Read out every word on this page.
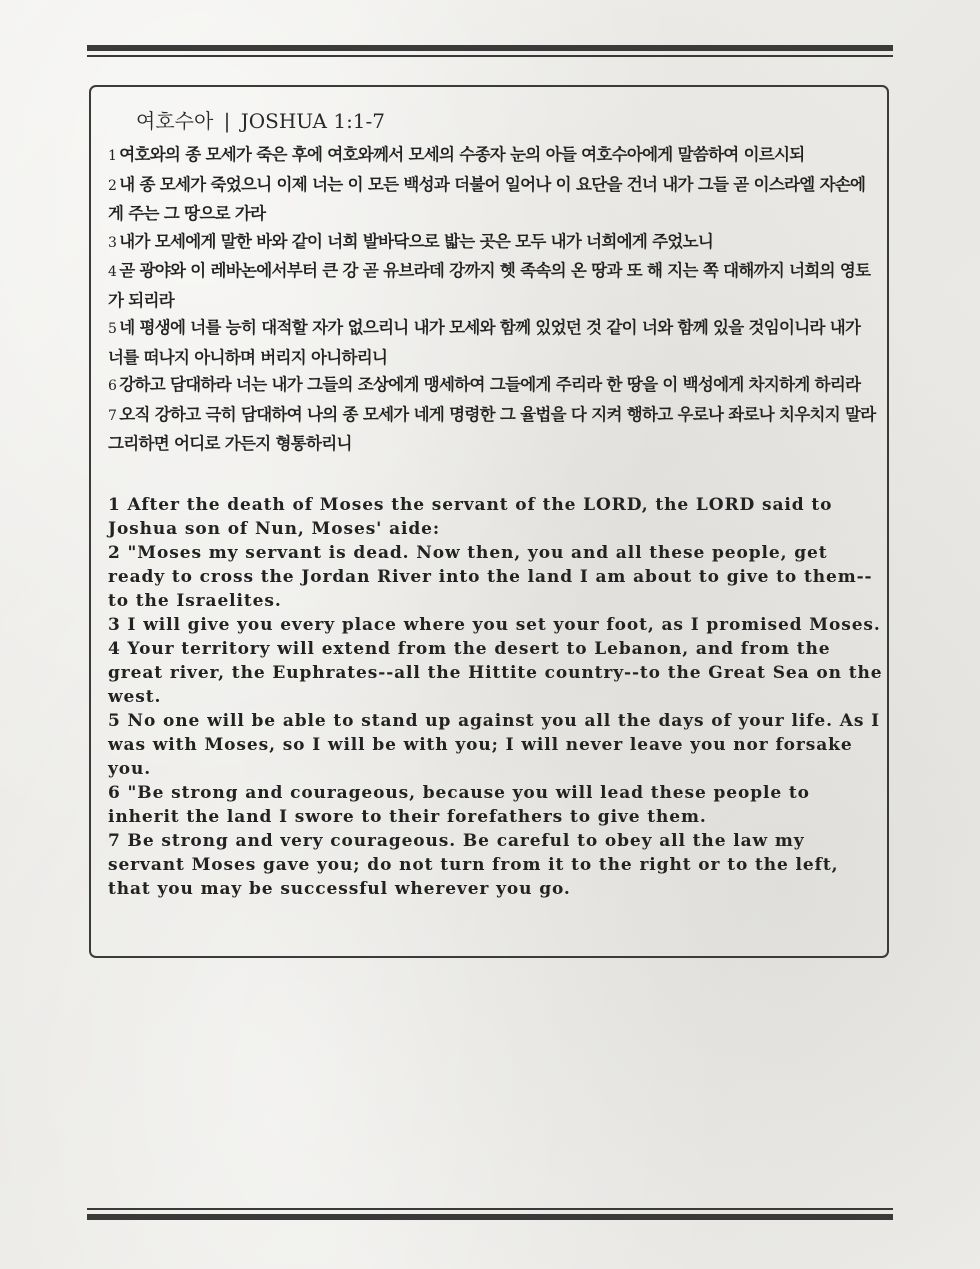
여호수아 | JOSHUA 1:1-7
1 여호와의 종 모세가 죽은 후에 여호와께서 모세의 수종자 눈의 아들 여호수아에게 말씀하여 이르시되
2 내 종 모세가 죽었으니 이제 너는 이 모든 백성과 더불어 일어나 이 요단을 건너 내가 그들 곧 이스라엘 자손에게 주는 그 땅으로 가라
3 내가 모세에게 말한 바와 같이 너희 발바닥으로 밟는 곳은 모두 내가 너희에게 주었노니
4 곧 광야와 이 레바논에서부터 큰 강 곧 유브라데 강까지 헷 족속의 온 땅과 또 해 지는 쪽 대해까지 너희의 영토가 되리라
5 네 평생에 너를 능히 대적할 자가 없으리니 내가 모세와 함께 있었던 것 같이 너와 함께 있을 것임이니라 내가 너를 떠나지 아니하며 버리지 아니하리니
6 강하고 담대하라 너는 내가 그들의 조상에게 맹세하여 그들에게 주리라 한 땅을 이 백성에게 차지하게 하리라
7 오직 강하고 극히 담대하여 나의 종 모세가 네게 명령한 그 율법을 다 지켜 행하고 우로나 좌로나 치우치지 말라 그리하면 어디로 가든지 형통하리니
1 After the death of Moses the servant of the LORD, the LORD said to Joshua son of Nun, Moses' aide:
2 "Moses my servant is dead. Now then, you and all these people, get ready to cross the Jordan River into the land I am about to give to them--to the Israelites.
3 I will give you every place where you set your foot, as I promised Moses.
4 Your territory will extend from the desert to Lebanon, and from the great river, the Euphrates--all the Hittite country--to the Great Sea on the west.
5 No one will be able to stand up against you all the days of your life. As I was with Moses, so I will be with you; I will never leave you nor forsake you.
6 "Be strong and courageous, because you will lead these people to inherit the land I swore to their forefathers to give them.
7 Be strong and very courageous. Be careful to obey all the law my servant Moses gave you; do not turn from it to the right or to the left, that you may be successful wherever you go.
